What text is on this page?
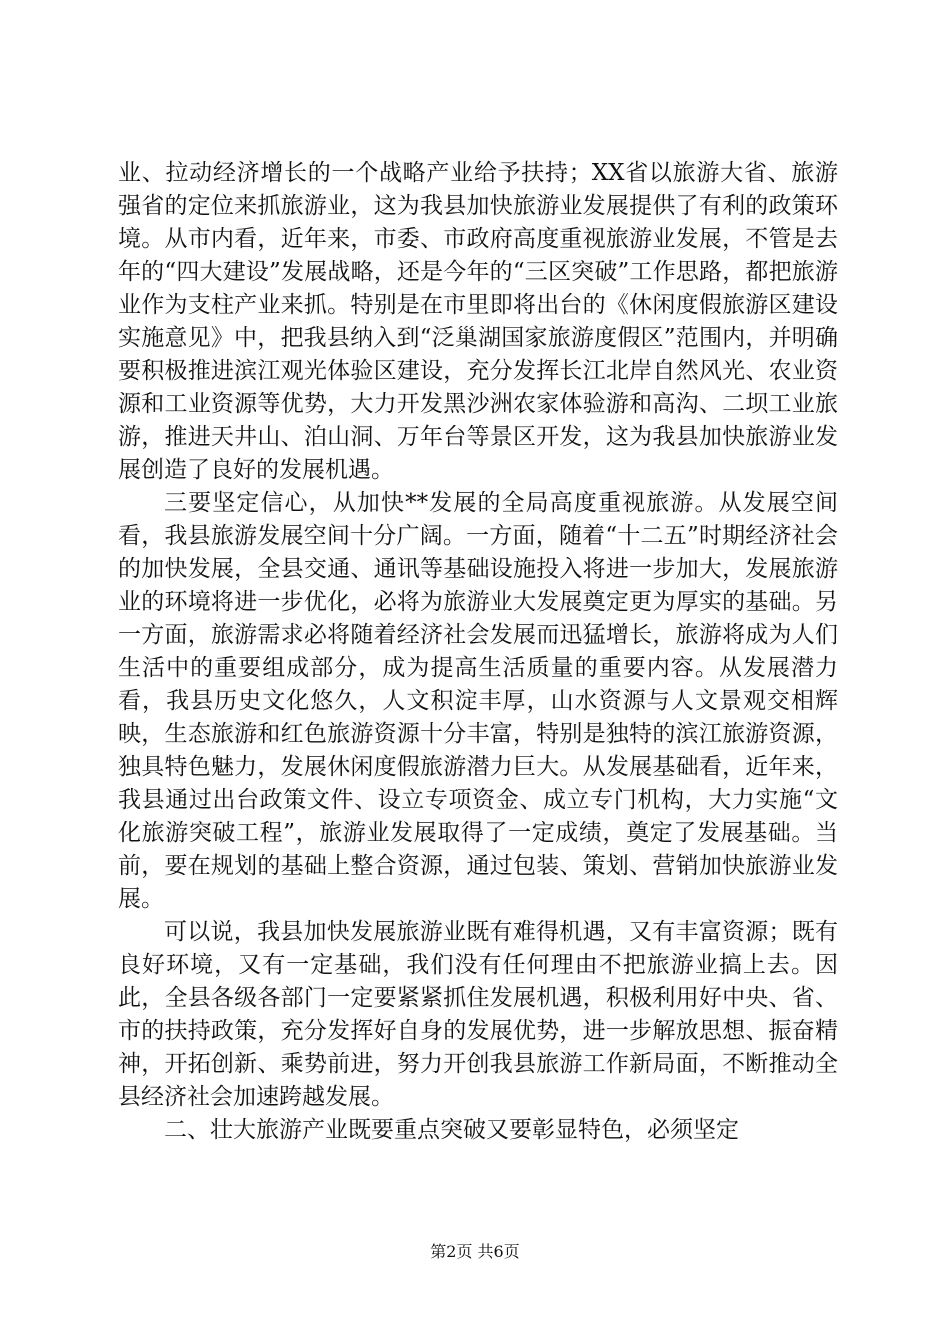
业、拉动经济增长的一个战略产业给予扶持；XX省以旅游大省、旅游强省的定位来抓旅游业，这为我县加快旅游业发展提供了有利的政策环境。从市内看，近年来，市委、市政府高度重视旅游业发展，不管是去年的“四大建设”发展战略，还是今年的“三区突破”工作思路，都把旅游业作为支柱产业来抓。特别是在市里即将出台的《休闲度假旅游区建设实施意见》中，把我县纳入到“泛巢湖国家旅游度假区”范围内，并明确要积极推进滨江观光体验区建设，充分发挥长江北岸自然风光、农业资源和工业资源等优势，大力开发黑沙洲农家体验游和高沟、二坝工业旅游，推进天井山、泊山洞、万年台等景区开发，这为我县加快旅游业发展创造了良好的发展机遇。

三要坚定信心，从加快**发展的全局高度重视旅游。从发展空间看，我县旅游发展空间十分广阔。一方面，随着“十二五”时期经济社会的加快发展，全县交通、通讯等基础设施投入将进一步加大，发展旅游业的环境将进一步优化，必将为旅游业大发展奠定更为厚实的基础。另一方面，旅游需求必将随着经济社会发展而迅猛增长，旅游将成为人们生活中的重要组成部分，成为提高生活质量的重要内容。从发展潜力看，我县历史文化悠久，人文积淀丰厚，山水资源与人文景观交相辉映，生态旅游和红色旅游资源十分丰富，特别是独特的滨江旅游资源，独具特色魅力，发展休闲度假旅游潜力巨大。从发展基础看，近年来，我县通过出台政策文件、设立专项资金、成立专门机构，大力实施“文化旅游突破工程”，旅游业发展取得了一定成绩，奠定了发展基础。当前，要在规划的基础上整合资源，通过包装、策划、营销加快旅游业发展。

可以说，我县加快发展旅游业既有难得机遇，又有丰富资源；既有良好环境，又有一定基础，我们没有任何理由不把旅游业搞上去。因此，全县各级各部门一定要紧紧抓住发展机遇，积极利用好中央、省、市的扶持政策，充分发挥好自身的发展优势，进一步解放思想、振奋精神，开拓创新、乘势前进，努力开创我县旅游工作新局面，不断推动全县经济社会加速跨越发展。

二、壮大旅游产业既要重点突破又要彰显特色，必须坚定

第2页 共6页
